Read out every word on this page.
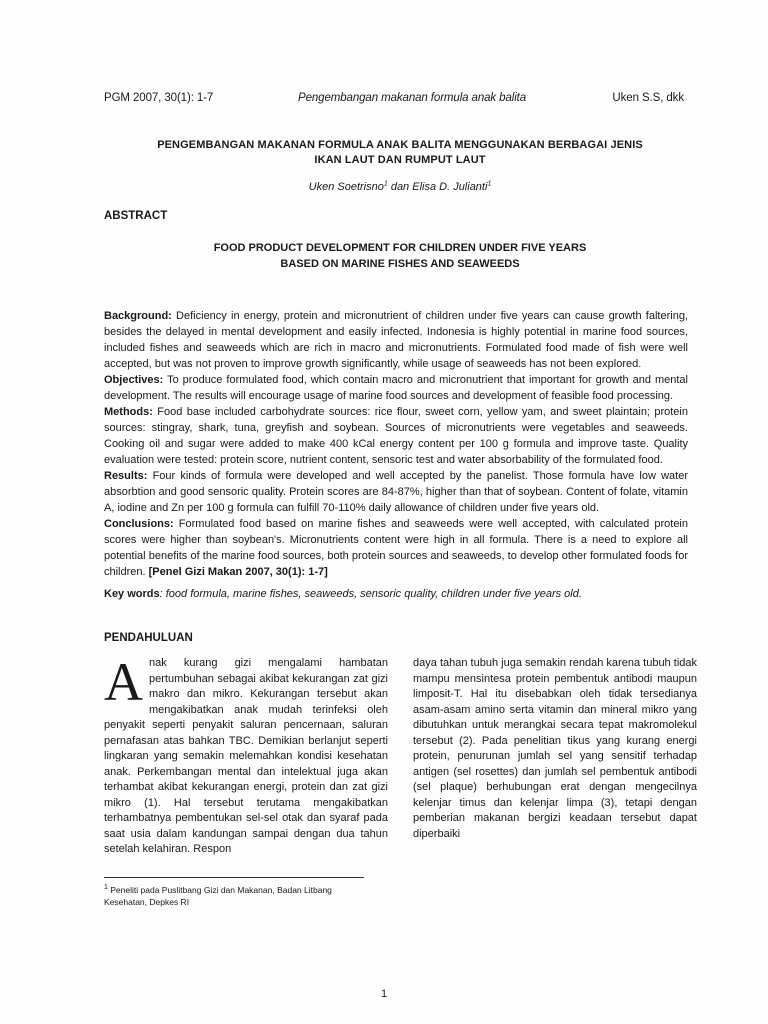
PGM 2007, 30(1): 1-7	Pengembangan makanan formula anak balita	Uken S.S, dkk
PENGEMBANGAN MAKANAN FORMULA ANAK BALITA MENGGUNAKAN BERBAGAI JENIS
IKAN LAUT DAN RUMPUT LAUT
Uken Soetrisno$^1$ dan Elisa D. Julianti$^1$
ABSTRACT
FOOD PRODUCT DEVELOPMENT FOR CHILDREN UNDER FIVE YEARS
BASED ON MARINE FISHES AND SEAWEEDS

Background: Deficiency in energy, protein and micronutrient of children under five years can cause growth faltering, besides the delayed in mental development and easily infected. Indonesia is highly potential in marine food sources, included fishes and seaweeds which are rich in macro and micronutrients. Formulated food made of fish were well accepted, but was not proven to improve growth significantly, while usage of seaweeds has not been explored.

Objectives: To produce formulated food, which contain macro and micronutrient that important for growth and mental development. The results will encourage usage of marine food sources and development of feasible food processing.

Methods: Food base included carbohydrate sources: rice flour, sweet corn, yellow yam, and sweet plaintain; protein sources: stingray, shark, tuna, greyfish and soybean. Sources of micronutrients were vegetables and seaweeds. Cooking oil and sugar were added to make 400 kCal energy content per 100 g formula and improve taste. Quality evaluation were tested: protein score, nutrient content, sensoric test and water absorbability of the formulated food.

Results: Four kinds of formula were developed and well accepted by the panelist. Those formula have low water absorbtion and good sensoric quality. Protein scores are 84-87%, higher than that of soybean. Content of folate, vitamin A, iodine and Zn per 100 g formula can fulfill 70-110% daily allowance of children under five years old.

Conclusions: Formulated food based on marine fishes and seaweeds were well accepted, with calculated protein scores were higher than soybean's. Micronutrients content were high in all formula. There is a need to explore all potential benefits of the marine food sources, both protein sources and seaweeds, to develop other formulated foods for children. [Penel Gizi Makan 2007, 30(1): 1-7]

Key words: food formula, marine fishes, seaweeds, sensoric quality, children under five years old.
PENDAHULUAN
Anak kurang gizi mengalami hambatan pertumbuhan sebagai akibat kekurangan zat gizi makro dan mikro. Kekurangan tersebut akan mengakibatkan anak mudah terinfeksi oleh penyakit seperti penyakit saluran pencernaan, saluran pernafasan atas bahkan TBC. Demikian berlanjut seperti lingkaran yang semakin melemahkan kondisi kesehatan anak. Perkembangan mental dan intelektual juga akan terhambat akibat kekurangan energi, protein dan zat gizi mikro (1). Hal tersebut terutama mengakibatkan terhambatnya pembentukan sel-sel otak dan syaraf pada saat usia dalam kandungan sampai dengan dua tahun setelah kelahiran. Respon
daya tahan tubuh juga semakin rendah karena tubuh tidak mampu mensintesa protein pembentuk antibodi maupun limposit-T. Hal itu disebabkan oleh tidak tersedianya asam-asam amino serta vitamin dan mineral mikro yang dibutuhkan untuk merangkai secara tepat makromolekul tersebut (2). Pada penelitian tikus yang kurang energi protein, penurunan jumlah sel yang sensitif terhadap antigen (sel rosettes) dan jumlah sel pembentuk antibodi (sel plaque) berhubungan erat dengan mengecilnya kelenjar timus dan kelenjar limpa (3), tetapi dengan pemberian makanan bergizi keadaan tersebut dapat diperbaiki
$^1$ Peneliti pada Puslitbang Gizi dan Makanan, Badan Litbang
Kesehatan, Depkes RI
1
